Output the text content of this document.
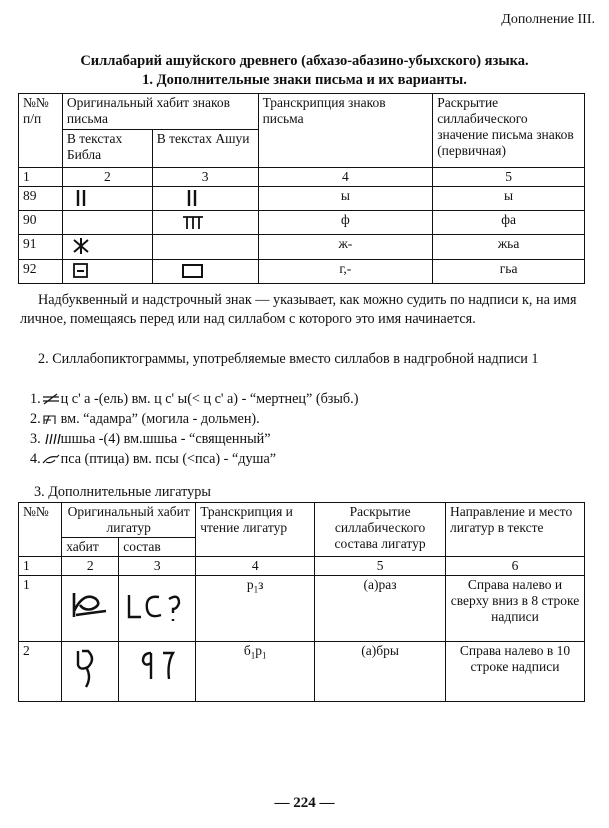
Дополнение III.
Силлабарий ашуйского древнего (абхазо-абазино-убыхского) языка.
1. Дополнительные знаки письма и их варианты.
№№ п/п	Оригинальный хабит знаков письма		Транскрипция знаков письма	Раскрытие силлабического значение письма знаков (первичная)
	В текстах Библа	В текстах Ашуи		
1	2	3	4	5
89			ы	ы
90			ф	фа
91			ж-	жьа
92			г,-	гьа
Надбуквенный и надстрочный знак — указывает, как можно судить по надписи к, на имя личное, помещаясь перед или над силлабом с которого это имя начинается.
2. Силлабопиктограммы, употребляемые вместо силлабов в надгробной надписи 1
1. ц с' а -(ель) вм. ц с' ы(< ц с' а) - “мертнец” (бзыб.)
2. вм. “адамра” (могила - дольмен).
3. шшьа -(4) вм.шшьа - “священный”
4. пса (птица) вм. псы (<пса) - “душа”
3. Дополнительные лигатуры
№№	Оригинальный хабит лигатур		Транскрипция и чтение лигатур	Раскрытие силлабического состава лигатур	Направление и место лигатур в тексте
	хабит	состав			
1	2	3	4	5	6
1			$р_1з$	(а)раз	Справа налево и сверху вниз в 8 строке надписи
2			$б_1р_1$	(а)бры	Справа налево в 10 строке надписи
— 224 —
